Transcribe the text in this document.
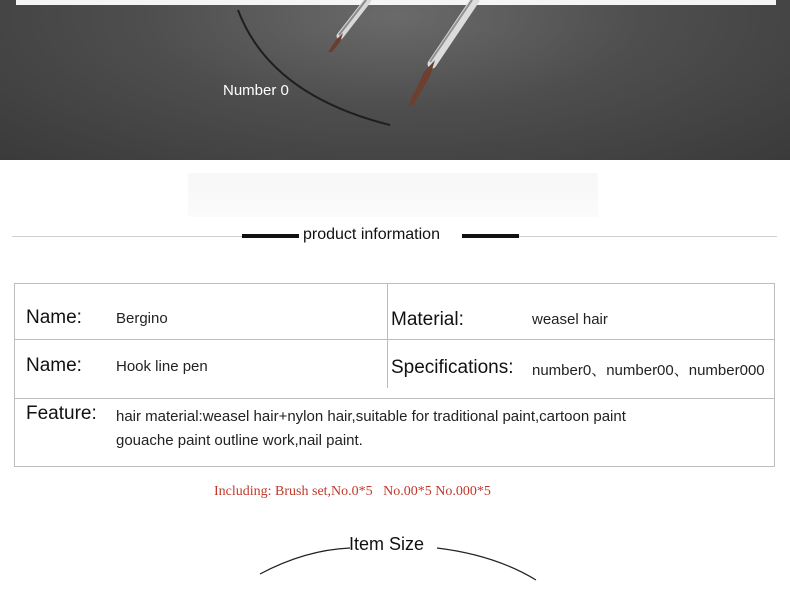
Number 0
product information
Name: Bergino	Material:	weasel hair
Name: Hook line pen	Specifications: number0、number00、number000
Feature: hair material:weasel hair+nylon hair,suitable for traditional paint,cartoon paint
gouache paint outline work,nail paint.
Including: Brush set,No.0*5   No.00*5 No.000*5
Item Size
